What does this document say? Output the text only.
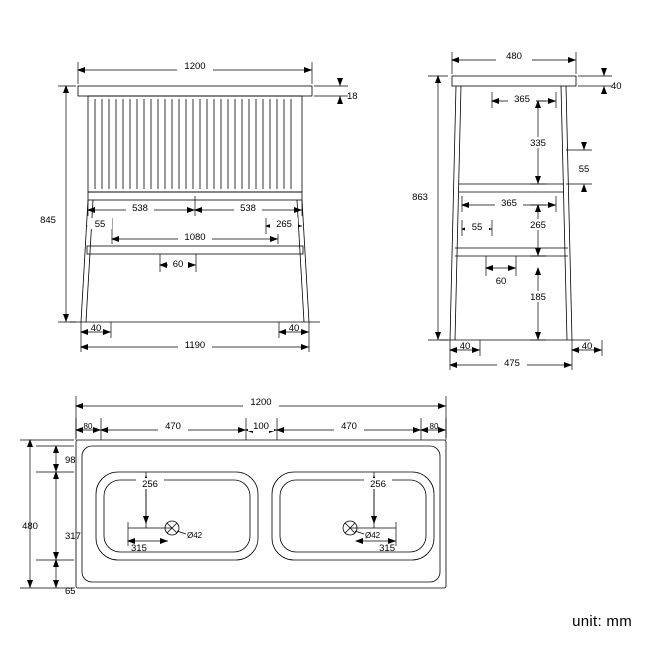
1200
18
845
538	538
55	265
1080
60
40	40
1190
480
40
365
335
55
863
365
55	265
60
185
40	40
475
1200
80	470	100	470	80
98
317
480
65
256	256
315	315
Ø42	Ø42
unit: mm
